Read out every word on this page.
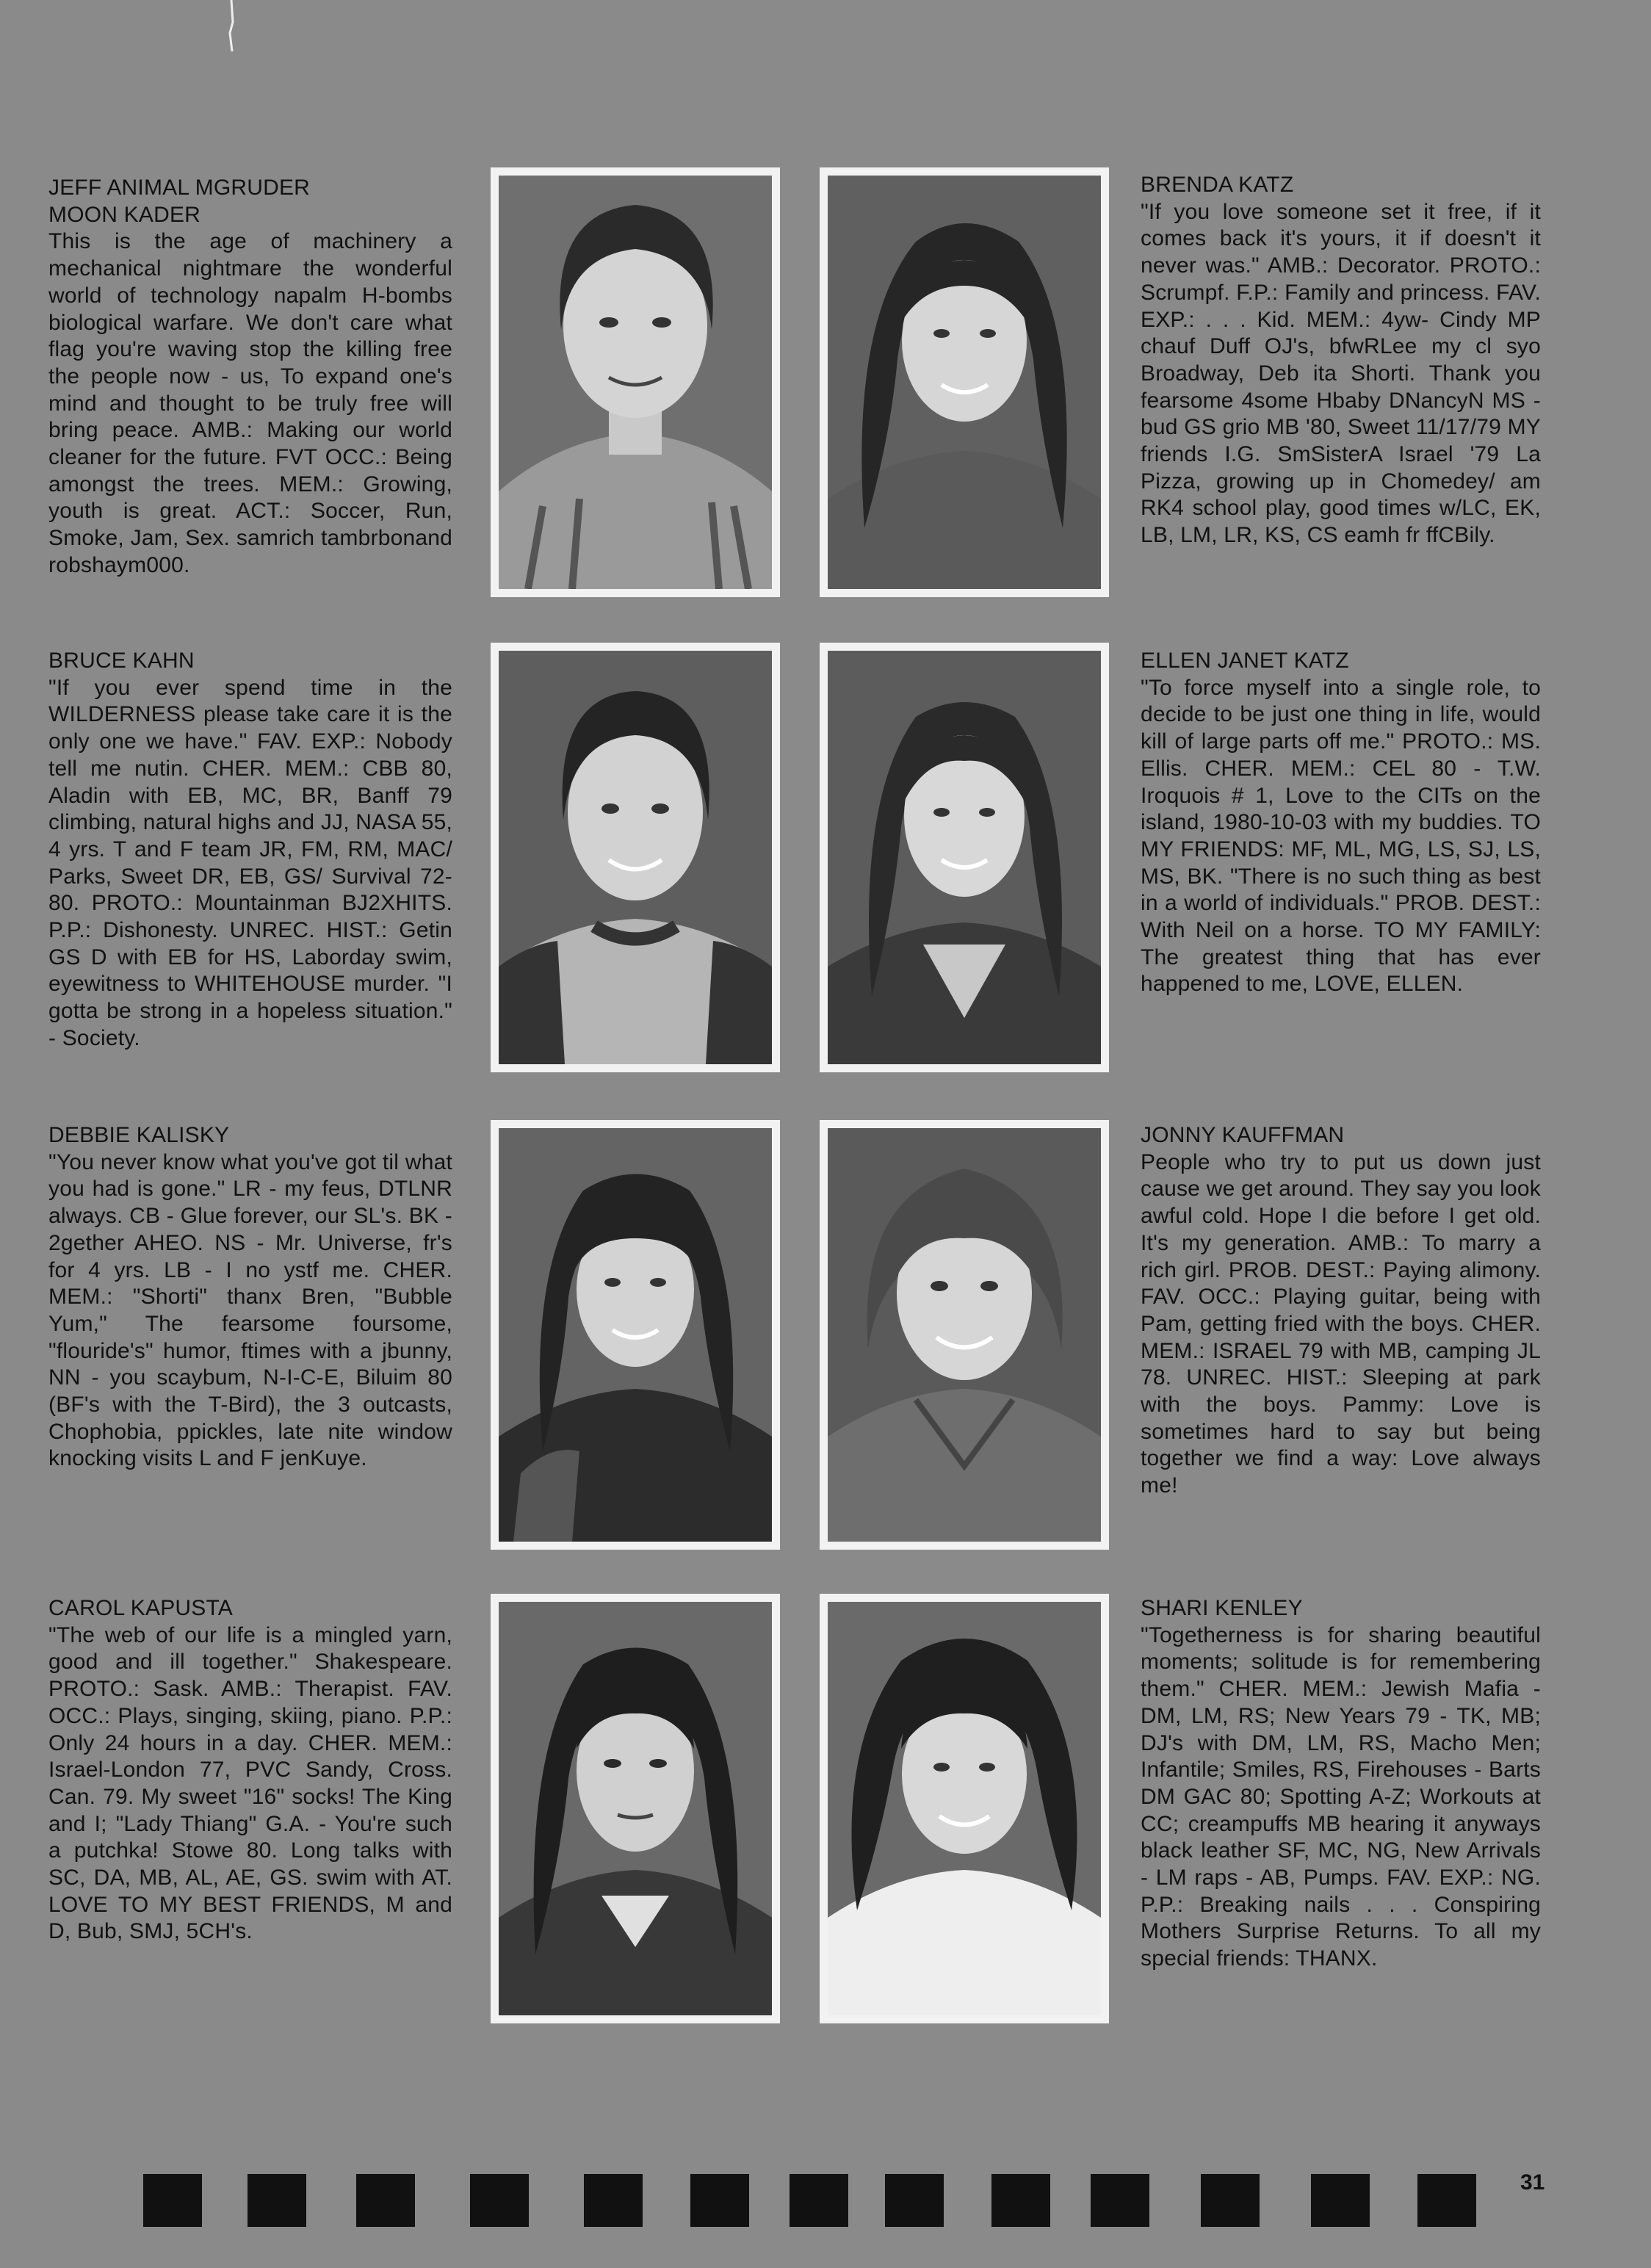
JEFF ANIMAL MGRUDER
MOON KADER
This is the age of machinery a mechanical nightmare the wonderful world of technology napalm H-bombs biological warfare. We don't care what flag you're waving stop the killing free the people now - us, To expand one's mind and thought to be truly free will bring peace. AMB.: Making our world cleaner for the future. FVT OCC.: Being amongst the trees. MEM.: Growing, youth is great. ACT.: Soccer, Run, Smoke, Jam, Sex. samrich tambrbonand robshaym000.
BRENDA KATZ
"If you love someone set it free, if it comes back it's yours, it if doesn't it never was." AMB.: Decorator. PROTO.: Scrumpf. F.P.: Family and princess. FAV. EXP.: . . . Kid. MEM.: 4yw- Cindy MP chauf Duff OJ's, bfwRLee my cl syo Broadway, Deb ita Shorti. Thank you fearsome 4some Hbaby DNancyN MS - bud GS grio MB '80, Sweet 11/17/79 MY friends I.G. SmSisterA Israel '79 La Pizza, growing up in Chomedey/ am RK4 school play, good times w/LC, EK, LB, LM, LR, KS, CS eamh fr ffCBily.
BRUCE KAHN
"If you ever spend time in the WILDERNESS please take care it is the only one we have." FAV. EXP.: Nobody tell me nutin. CHER. MEM.: CBB 80, Aladin with EB, MC, BR, Banff 79 climbing, natural highs and JJ, NASA 55, 4 yrs. T and F team JR, FM, RM, MAC/ Parks, Sweet DR, EB, GS/ Survival 72-80. PROTO.: Mountainman BJ2XHITS. P.P.: Dishonesty. UNREC. HIST.: Getin GS D with EB for HS, Laborday swim, eyewitness to WHITEHOUSE murder. "I gotta be strong in a hopeless situation." - Society.
ELLEN JANET KATZ
"To force myself into a single role, to decide to be just one thing in life, would kill of large parts off me." PROTO.: MS. Ellis. CHER. MEM.: CEL 80 - T.W. Iroquois # 1, Love to the CITs on the island, 1980-10-03 with my buddies. TO MY FRIENDS: MF, ML, MG, LS, SJ, LS, MS, BK. "There is no such thing as best in a world of individuals." PROB. DEST.: With Neil on a horse. TO MY FAMILY: The greatest thing that has ever happened to me, LOVE, ELLEN.
DEBBIE KALISKY
"You never know what you've got til what you had is gone." LR - my feus, DTLNR always. CB - Glue forever, our SL's. BK - 2gether AHEO. NS - Mr. Universe, fr's for 4 yrs. LB - I no ystf me. CHER. MEM.: "Shorti" thanx Bren, "Bubble Yum," The fearsome foursome, "flouride's" humor, ftimes with a jbunny, NN - you scaybum, N-I-C-E, Biluim 80 (BF's with the T-Bird), the 3 outcasts, Chophobia, ppickles, late nite window knocking visits L and F jenKuye.
JONNY KAUFFMAN
People who try to put us down just cause we get around. They say you look awful cold. Hope I die before I get old. It's my generation. AMB.: To marry a rich girl. PROB. DEST.: Paying alimony. FAV. OCC.: Playing guitar, being with Pam, getting fried with the boys. CHER. MEM.: ISRAEL 79 with MB, camping JL 78. UNREC. HIST.: Sleeping at park with the boys. Pammy: Love is sometimes hard to say but being together we find a way: Love always me!
CAROL KAPUSTA
"The web of our life is a mingled yarn, good and ill together." Shakespeare. PROTO.: Sask. AMB.: Therapist. FAV. OCC.: Plays, singing, skiing, piano. P.P.: Only 24 hours in a day. CHER. MEM.: Israel-London 77, PVC Sandy, Cross. Can. 79. My sweet "16" socks! The King and I; "Lady Thiang" G.A. - You're such a putchka! Stowe 80. Long talks with SC, DA, MB, AL, AE, GS. swim with AT. LOVE TO MY BEST FRIENDS, M and D, Bub, SMJ, 5CH's.
SHARI KENLEY
"Togetherness is for sharing beautiful moments; solitude is for remembering them." CHER. MEM.: Jewish Mafia - DM, LM, RS; New Years 79 - TK, MB; DJ's with DM, LM, RS, Macho Men; Infantile; Smiles, RS, Firehouses - Barts DM GAC 80; Spotting A-Z; Workouts at CC; creampuffs MB hearing it anyways black leather SF, MC, NG, New Arrivals - LM raps - AB, Pumps. FAV. EXP.: NG. P.P.: Breaking nails . . . Conspiring Mothers Surprise Returns. To all my special friends: THANX.
31
